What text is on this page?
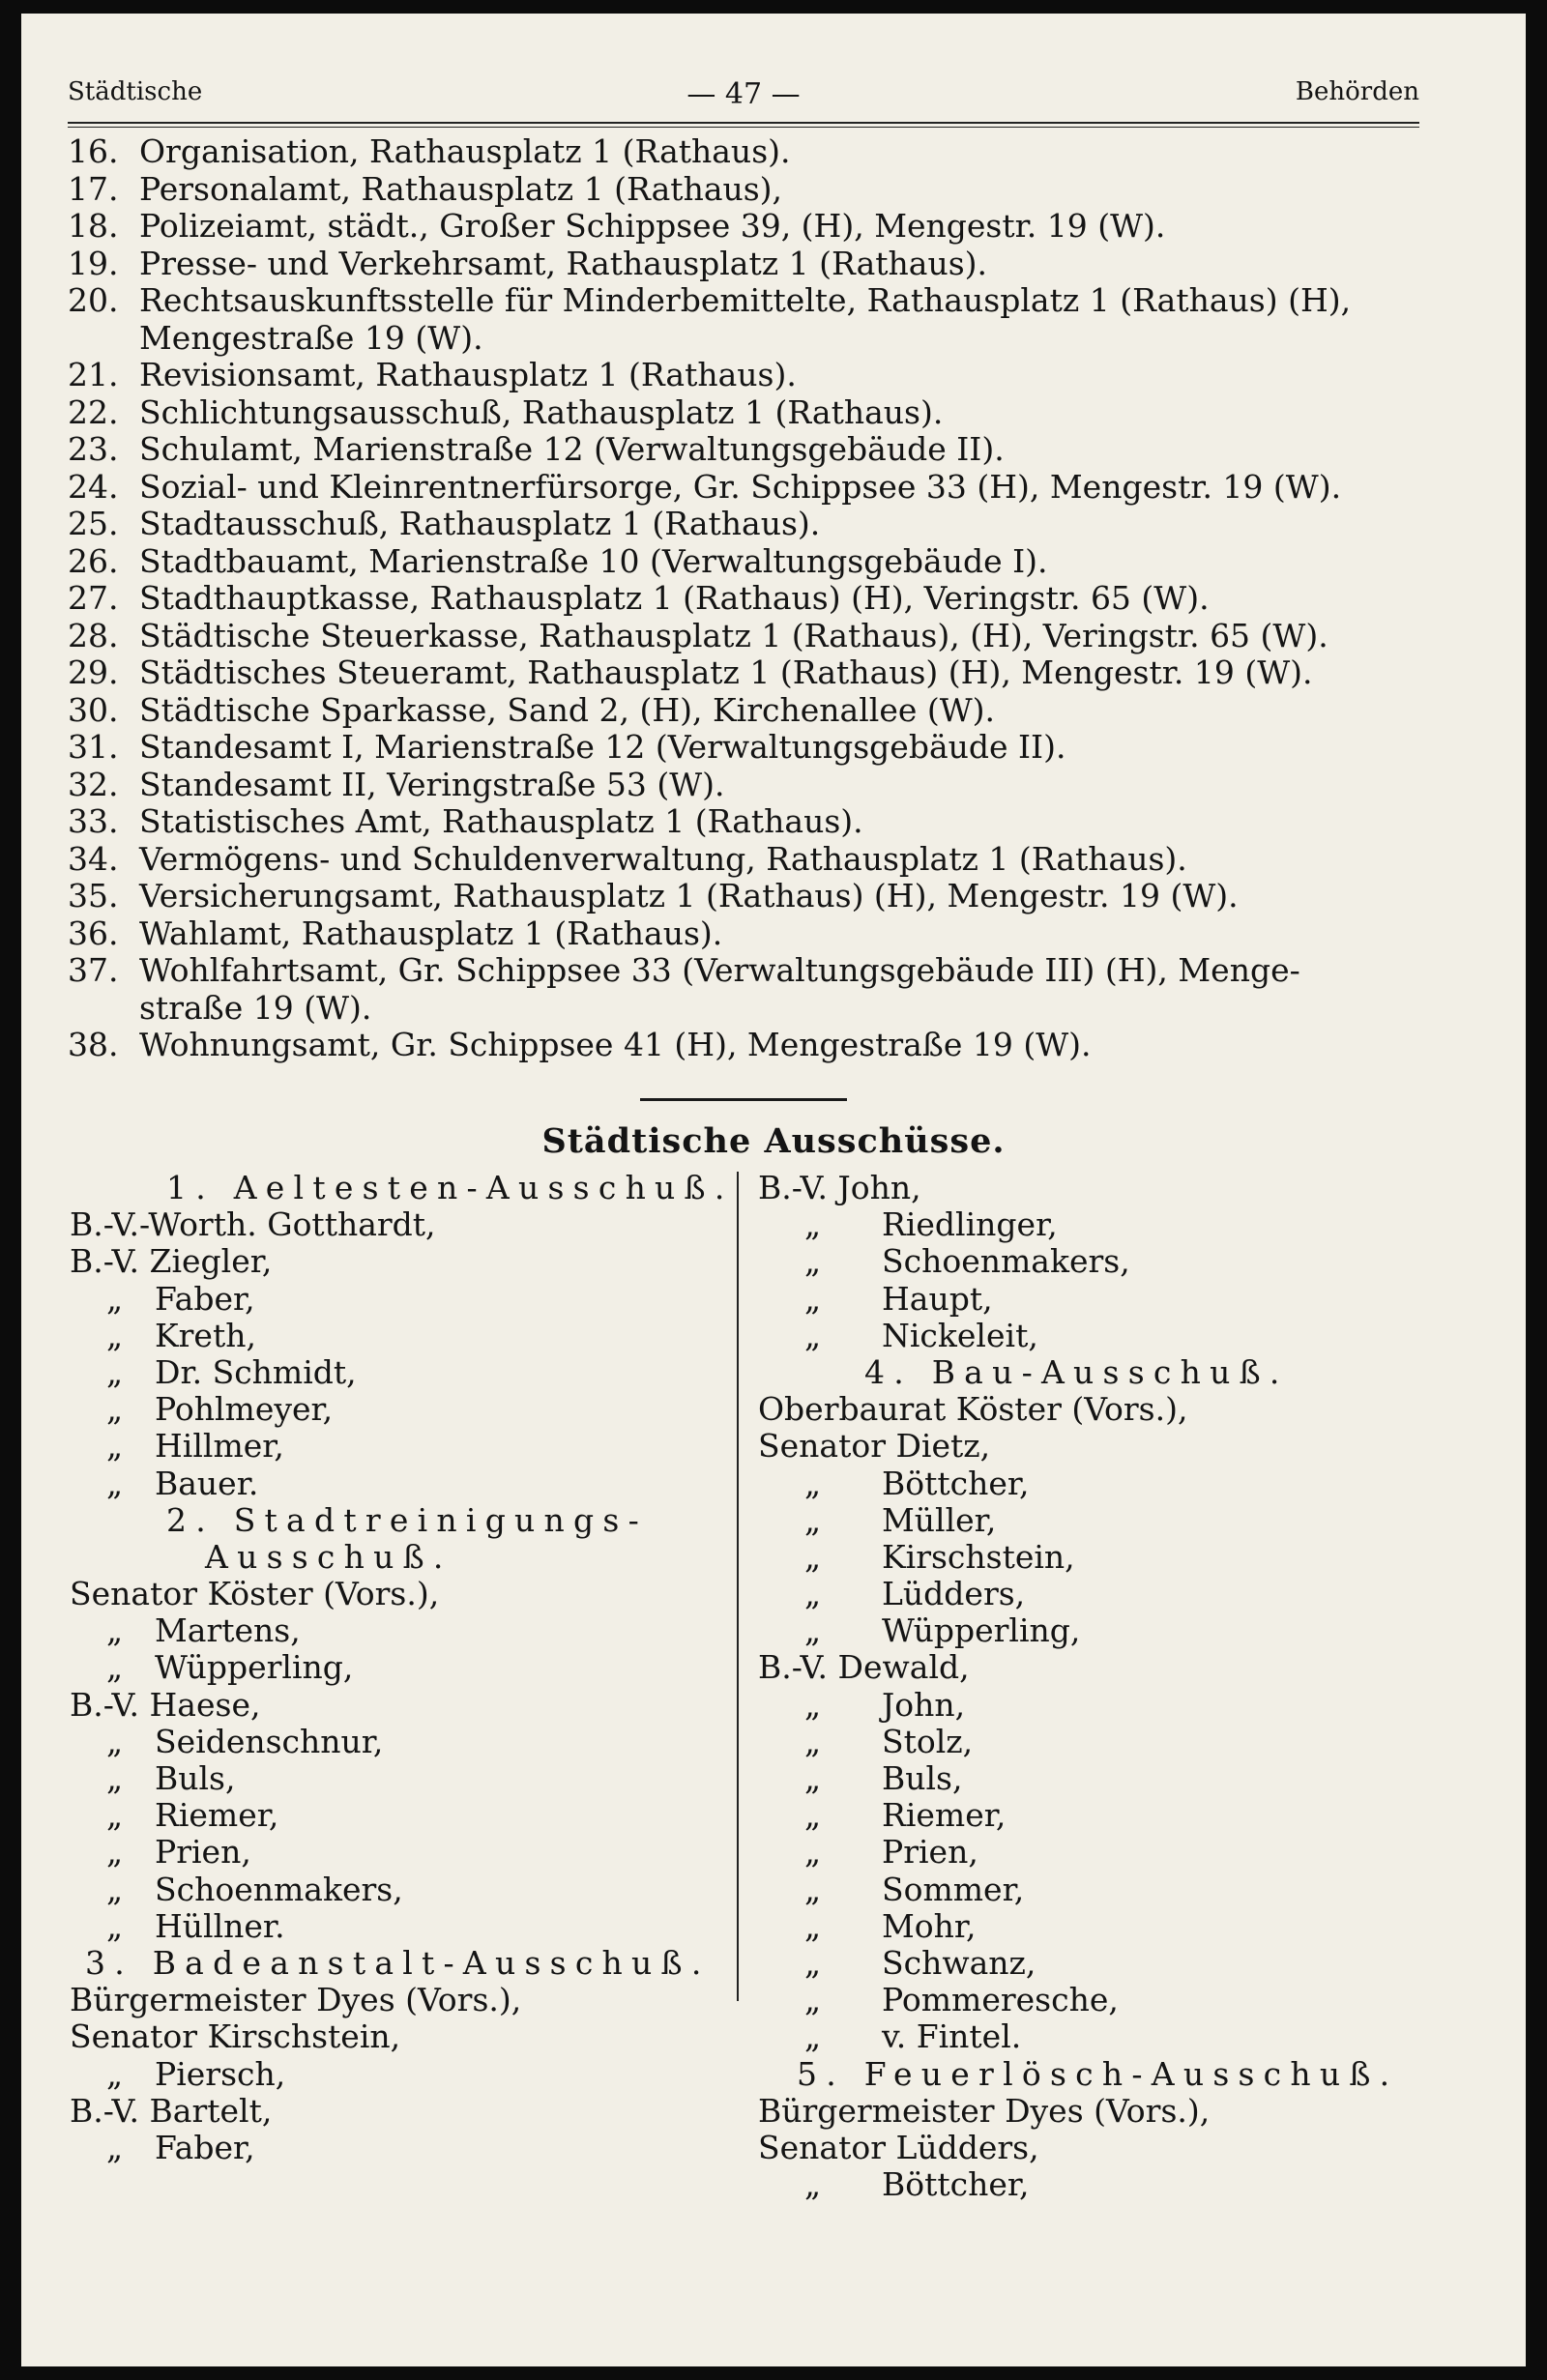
Städtische	— 47 —	Behörden
16. Organisation, Rathausplatz 1 (Rathaus).
17. Personalamt, Rathausplatz 1 (Rathaus),
18. Polizeiamt, städt., Großer Schippsee 39, (H), Mengestr. 19 (W).
19. Presse- und Verkehrsamt, Rathausplatz 1 (Rathaus).
20. Rechtsauskunftsstelle für Minderbemittelte, Rathausplatz 1 (Rathaus) (H),
Mengestraße 19 (W).
21. Revisionsamt, Rathausplatz 1 (Rathaus).
22. Schlichtungsausschuß, Rathausplatz 1 (Rathaus).
23. Schulamt, Marienstraße 12 (Verwaltungsgebäude II).
24. Sozial- und Kleinrentnerfürsorge, Gr. Schippsee 33 (H), Mengestr. 19 (W).
25. Stadtausschuß, Rathausplatz 1 (Rathaus).
26. Stadtbauamt, Marienstraße 10 (Verwaltungsgebäude I).
27. Stadthauptkasse, Rathausplatz 1 (Rathaus) (H), Veringstr. 65 (W).
28. Städtische Steuerkasse, Rathausplatz 1 (Rathaus), (H), Veringstr. 65 (W).
29. Städtisches Steueramt, Rathausplatz 1 (Rathaus) (H), Mengestr. 19 (W).
30. Städtische Sparkasse, Sand 2, (H), Kirchenallee (W).
31. Standesamt I, Marienstraße 12 (Verwaltungsgebäude II).
32. Standesamt II, Veringstraße 53 (W).
33. Statistisches Amt, Rathausplatz 1 (Rathaus).
34. Vermögens- und Schuldenverwaltung, Rathausplatz 1 (Rathaus).
35. Versicherungsamt, Rathausplatz 1 (Rathaus) (H), Mengestr. 19 (W).
36. Wahlamt, Rathausplatz 1 (Rathaus).
37. Wohlfahrtsamt, Gr. Schippsee 33 (Verwaltungsgebäude III) (H), Menge-
straße 19 (W).
38. Wohnungsamt, Gr. Schippsee 41 (H), Mengestraße 19 (W).
Städtische Ausschüsse.
1. Aeltesten-Ausschuß.
B.-V.-Worth. Gotthardt,
B.-V. Ziegler,
„ Faber,
„ Kreth,
„ Dr. Schmidt,
„ Pohlmeyer,
„ Hillmer,
„ Bauer.
2. Stadtreinigungs-
Ausschuß.
Senator Köster (Vors.),
„ Martens,
„ Wüpperling,
B.-V. Haese,
„ Seidenschnur,
„ Buls,
„ Riemer,
„ Prien,
„ Schoenmakers,
„ Hüllner.
3. Badeanstalt-Ausschuß.
Bürgermeister Dyes (Vors.),
Senator Kirschstein,
„ Piersch,
B.-V. Bartelt,
„ Faber,
B.-V. John,
„ Riedlinger,
„ Schoenmakers,
„ Haupt,
„ Nickeleit,
4. Bau-Ausschuß.
Oberbaurat Köster (Vors.),
Senator Dietz,
„ Böttcher,
„ Müller,
„ Kirschstein,
„ Lüdders,
„ Wüpperling,
B.-V. Dewald,
„ John,
„ Stolz,
„ Buls,
„ Riemer,
„ Prien,
„ Sommer,
„ Mohr,
„ Schwanz,
„ Pommeresche,
„ v. Fintel.
5. Feuerlösch-Ausschuß.
Bürgermeister Dyes (Vors.),
Senator Lüdders,
„ Böttcher,
